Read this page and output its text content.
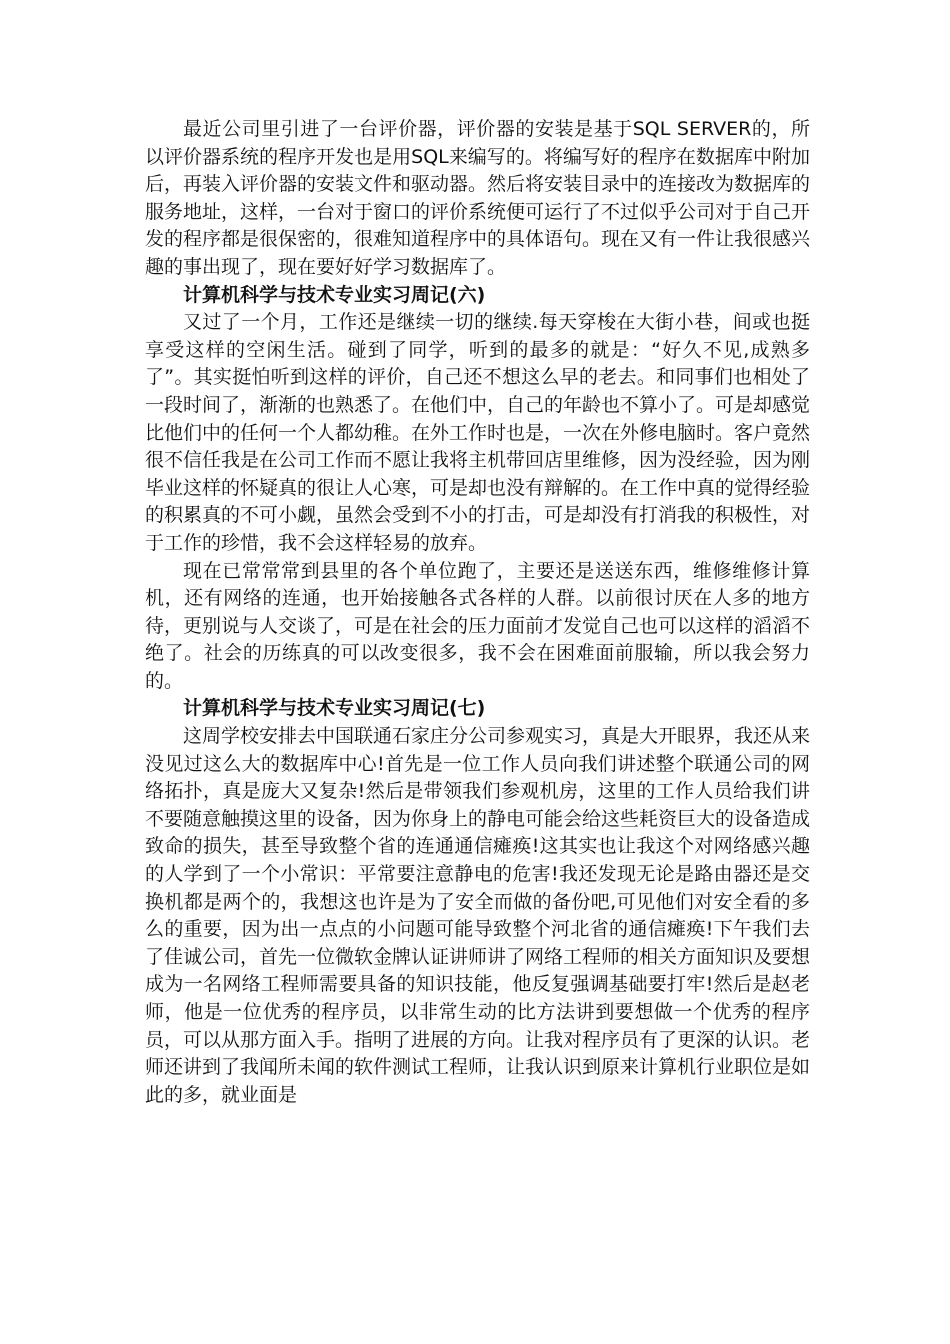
最近公司里引进了一台评价器，评价器的安装是基于SQL SERVER的，所以评价器系统的程序开发也是用SQL来编写的。将编写好的程序在数据库中附加后，再装入评价器的安装文件和驱动器。然后将安装目录中的连接改为数据库的服务地址，这样，一台对于窗口的评价系统便可运行了不过似乎公司对于自己开发的程序都是很保密的，很难知道程序中的具体语句。现在又有一件让我很感兴趣的事出现了，现在要好好学习数据库了。

计算机科学与技术专业实习周记(六)

又过了一个月，工作还是继续一切的继续.每天穿梭在大街小巷，间或也挺享受这样的空闲生活。碰到了同学，听到的最多的就是：“好久不见,成熟多了”。其实挺怕听到这样的评价，自己还不想这么早的老去。和同事们也相处了一段时间了，渐渐的也熟悉了。在他们中，自己的年龄也不算小了。可是却感觉比他们中的任何一个人都幼稚。在外工作时也是，一次在外修电脑时。客户竟然很不信任我是在公司工作而不愿让我将主机带回店里维修，因为没经验，因为刚毕业这样的怀疑真的很让人心寒，可是却也没有辩解的。在工作中真的觉得经验的积累真的不可小觑，虽然会受到不小的打击，可是却没有打消我的积极性，对于工作的珍惜，我不会这样轻易的放弃。

现在已常常常到县里的各个单位跑了，主要还是送送东西，维修维修计算机，还有网络的连通，也开始接触各式各样的人群。以前很讨厌在人多的地方待，更别说与人交谈了，可是在社会的压力面前才发觉自己也可以这样的滔滔不绝了。社会的历练真的可以改变很多，我不会在困难面前服输，所以我会努力的。

计算机科学与技术专业实习周记(七)

这周学校安排去中国联通石家庄分公司参观实习，真是大开眼界，我还从来没见过这么大的数据库中心!首先是一位工作人员向我们讲述整个联通公司的网络拓扑，真是庞大又复杂!然后是带领我们参观机房，这里的工作人员给我们讲不要随意触摸这里的设备，因为你身上的静电可能会给这些耗资巨大的设备造成致命的损失，甚至导致整个省的连通通信瘫痪!这其实也让我这个对网络感兴趣的人学到了一个小常识：平常要注意静电的危害!我还发现无论是路由器还是交换机都是两个的，我想这也许是为了安全而做的备份吧,可见他们对安全看的多么的重要，因为出一点点的小问题可能导致整个河北省的通信瘫痪!下午我们去了佳诚公司，首先一位微软金牌认证讲师讲了网络工程师的相关方面知识及要想成为一名网络工程师需要具备的知识技能，他反复强调基础要打牢!然后是赵老师，他是一位优秀的程序员，以非常生动的比方法讲到要想做一个优秀的程序员，可以从那方面入手。指明了进展的方向。让我对程序员有了更深的认识。老师还讲到了我闻所未闻的软件测试工程师，让我认识到原来计算机行业职位是如此的多，就业面是
